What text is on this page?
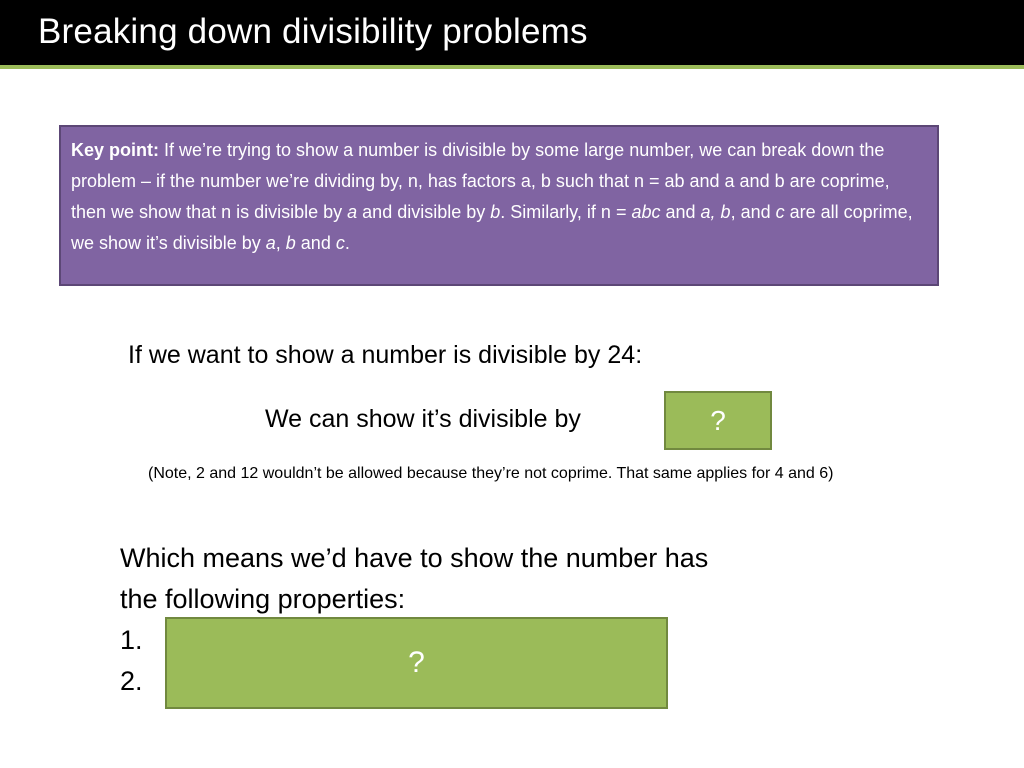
Breaking down divisibility problems
Key point: If we’re trying to show a number is divisible by some large number, we can break down the problem – if the number we’re dividing by, n, has factors a, b such that n = ab and a and b are coprime, then we show that n is divisible by a and divisible by b. Similarly, if n = abc and a, b, and c are all coprime, we show it’s divisible by a, b and c.
If we want to show a number is divisible by 24:
We can show it’s divisible by	?
(Note, 2 and 12 wouldn’t be allowed because they’re not coprime. That same applies for 4 and 6)
Which means we’d have to show the number has
the following properties:
1.
2.
?
